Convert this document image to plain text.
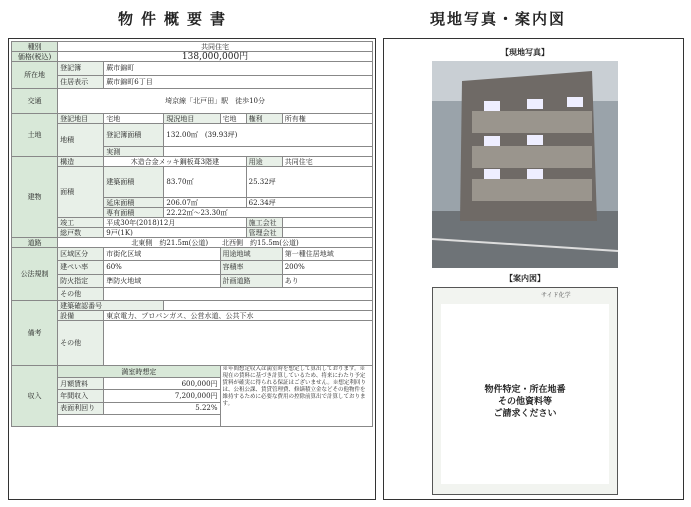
物件概要書	現地写真・案内図
種別	共同住宅					
価格(税込)	138,000,000円					
所在地	登記簿	蕨市錦町				
	住居表示	蕨市錦町6丁目				
交通	埼京線「北戸田」駅　徒歩10分					
土地	登記地目	宅地	現況地目	宅地	権利	所有権
	地積	登記簿面積	132.00㎡　(39.93坪)			
		実測				
建物	構造	木造合金メッキ鋼板葺3階建			用途	共同住宅
	面積	建築面積	83.70㎡		25.32坪	
		延床面積	206.07㎡		62.34坪	
		専有面積	22.22㎡～23.30㎡			
	竣工	平成30年(2018)12月			施工会社	
	総戸数	9戸(1K)			管理会社	
道路	北東側　約21.5m(公道)　　北西側　約15.5m(公道)					
公法規制	区域区分	市街化区域		用途地域		第一種住居地域
	建ぺい率	60%		容積率		200%
	防火指定	準防火地域		計画道路		あり
	その他					
備考	建築確認番号					
	設備	東京電力、プロパンガス、公営水道、公共下水				
	その他					
収入	満室時想定			※年間想定収入は満室時を想定して算出しております。※現在の賃料に基づき計算しているため、将来にわたり予定賃料が確実に得られる保証はございません。※想定利回りは、公租公課、賃貸管理費、修繕積立金などその他物件を維持するために必要な費用の控除前算出で計算しております。		
	月額賃料	600,000円				
	年間収入	7,200,000円				
	表面利回り	5.22%				

【現地写真】
【案内図】
サイド化学
物件特定・所在地番
その他資料等
ご請求ください
